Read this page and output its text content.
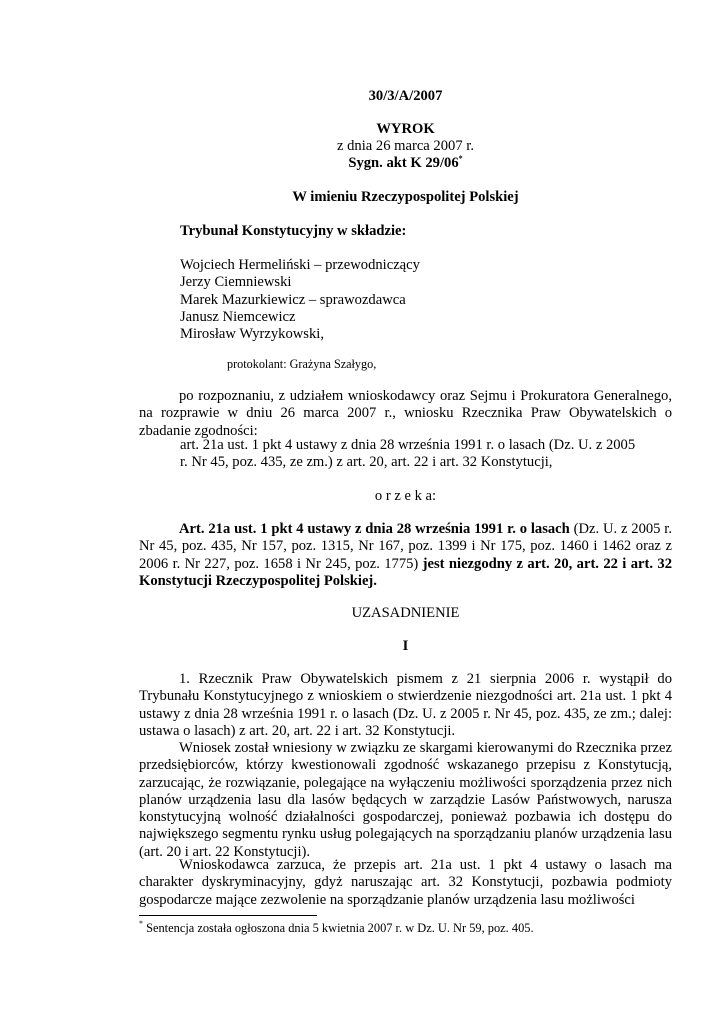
30/3/A/2007
WYROK
z dnia 26 marca 2007 r.
Sygn. akt K 29/06*
W imieniu Rzeczypospolitej Polskiej
Trybunał Konstytucyjny w składzie:
Wojciech Hermeliński – przewodniczący
Jerzy Ciemniewski
Marek Mazurkiewicz – sprawozdawca
Janusz Niemcewicz
Mirosław Wyrzykowski,
protokolant: Grażyna Szałygo,
po rozpoznaniu, z udziałem wnioskodawcy oraz Sejmu i Prokuratora Generalnego, na rozprawie w dniu 26 marca 2007 r., wniosku Rzecznika Praw Obywatelskich o zbadanie zgodności:
art. 21a ust. 1 pkt 4 ustawy z dnia 28 września 1991 r. o lasach (Dz. U. z 2005
r. Nr 45, poz. 435, ze zm.) z art. 20, art. 22 i art. 32 Konstytucji,
o r z e k a:
Art. 21a ust. 1 pkt 4 ustawy z dnia 28 września 1991 r. o lasach (Dz. U. z 2005 r. Nr 45, poz. 435, Nr 157, poz. 1315, Nr 167, poz. 1399 i Nr 175, poz. 1460 i 1462 oraz z 2006 r. Nr 227, poz. 1658 i Nr 245, poz. 1775) jest niezgodny z art. 20, art. 22 i art. 32 Konstytucji Rzeczypospolitej Polskiej.
UZASADNIENIE
I
1. Rzecznik Praw Obywatelskich pismem z 21 sierpnia 2006 r. wystąpił do Trybunału Konstytucyjnego z wnioskiem o stwierdzenie niezgodności art. 21a ust. 1 pkt 4 ustawy z dnia 28 września 1991 r. o lasach (Dz. U. z 2005 r. Nr 45, poz. 435, ze zm.; dalej: ustawa o lasach) z art. 20, art. 22 i art. 32 Konstytucji.
Wniosek został wniesiony w związku ze skargami kierowanymi do Rzecznika przez przedsiębiorców, którzy kwestionowali zgodność wskazanego przepisu z Konstytucją, zarzucając, że rozwiązanie, polegające na wyłączeniu możliwości sporządzenia przez nich planów urządzenia lasu dla lasów będących w zarządzie Lasów Państwowych, narusza konstytucyjną wolność działalności gospodarczej, ponieważ pozbawia ich dostępu do największego segmentu rynku usług polegających na sporządzaniu planów urządzenia lasu (art. 20 i art. 22 Konstytucji).
Wnioskodawca zarzuca, że przepis art. 21a ust. 1 pkt 4 ustawy o lasach ma charakter dyskryminacyjny, gdyż naruszając art. 32 Konstytucji, pozbawia podmioty gospodarcze mające zezwolenie na sporządzanie planów urządzenia lasu możliwości
* Sentencja została ogłoszona dnia 5 kwietnia 2007 r. w Dz. U. Nr 59, poz. 405.
